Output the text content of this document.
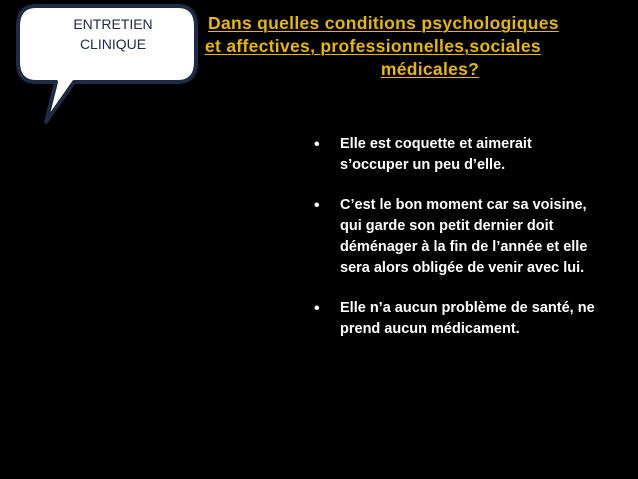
ENTRETIEN
CLINIQUE
Dans quelles conditions psychologiques
et affectives, professionnelles,sociales
médicales?
• Elle est coquette et aimerait s’occuper un peu d’elle.
• C’est le bon moment car sa voisine, qui garde son petit dernier doit déménager à la fin de l’année et elle sera alors obligée de venir avec lui.
• Elle n’a aucun problème de santé, ne prend aucun médicament.
